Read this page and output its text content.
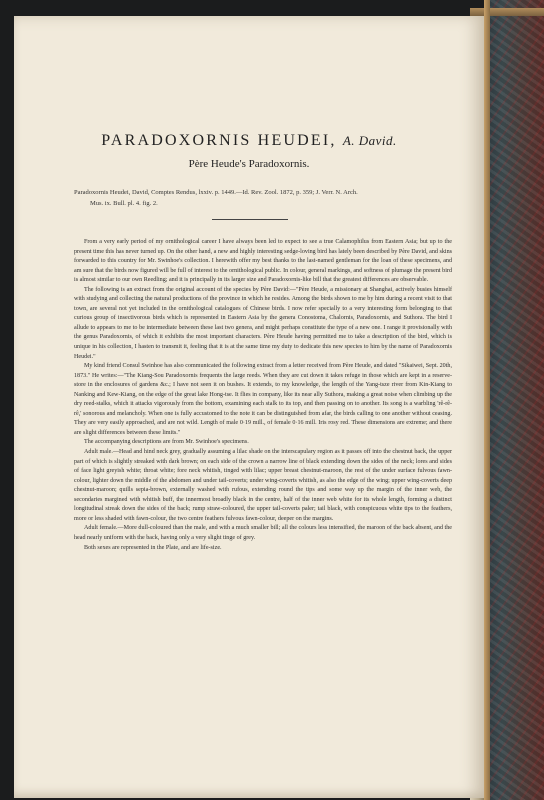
PARADOXORNIS HEUDEI, A. David.
Père Heude's Paradoxornis.
Paradoxornis Heudei, David, Comptes Rendus, lxxiv. p. 1449.—Id. Rev. Zool. 1872, p. 359; J. Verr. N. Arch.
Mus. ix. Bull. pl. 4. fig. 2.

From a very early period of my ornithological career I have always been led to expect to see a true Calamophilus from Eastern Asia; but up to the present time this has never turned up. On the other hand, a new and highly interesting sedge-loving bird has lately been described by Père David, and skins forwarded to this country for Mr. Swinhoe's collection. I herewith offer my best thanks to the last-named gentleman for the loan of these specimens, and am sure that the birds now figured will be full of interest to the ornithological public. In colour, general markings, and softness of plumage the present bird is almost similar to our own Reedling; and it is principally in its larger size and Paradoxornis-like bill that the greatest differences are observable.

The following is an extract from the original account of the species by Père David:—"Père Heude, a missionary at Shanghai, actively busies himself with studying and collecting the natural productions of the province in which he resides. Among the birds shown to me by him during a recent visit to that town, are several not yet included in the ornithological catalogues of Chinese birds. I now refer specially to a very interesting form belonging to that curious group of insectivorous birds which is represented in Eastern Asia by the genera Conostoma, Chalornis, Paradoxornis, and Suthora. The bird I allude to appears to me to be intermediate between these last two genera, and might perhaps constitute the type of a new one. I range it provisionally with the genus Paradoxornis, of which it exhibits the most important characters. Père Heude having permitted me to take a description of the bird, which is unique in his collection, I hasten to transmit it, feeling that it is at the same time my duty to dedicate this new species to him by the name of Paradoxornis Heudei."

My kind friend Consul Swinhoe has also communicated the following extract from a letter received from Père Heude, and dated "Sikaiwei, Sept. 20th, 1873." He writes:—"The Kiang-Sou Paradoxornis frequents the large reeds. When they are cut down it takes refuge in those which are kept in a reserve-store in the enclosures of gardens &c.; I have not seen it on bushes. It extends, to my knowledge, the length of the Yang-tsze river from Kin-Kiang to Nanking and Kew-Kiang, on the edge of the great lake Hong-tse. It flies in company, like its near ally Suthora, making a great noise when climbing up the dry reed-stalks, which it attacks vigorously from the bottom, examining each stalk to its top, and then passing on to another. Its song is a warbling 'rê-rê-rê,' sonorous and melancholy. When one is fully accustomed to the note it can be distinguished from afar, the birds calling to one another without ceasing. They are very easily approached, and are not wild. Length of male 0·19 mill., of female 0·16 mill. Iris rosy red. These dimensions are extreme; and there are slight differences between these limits."

The accompanying descriptions are from Mr. Swinhoe's specimens.

Adult male.—Head and hind neck grey, gradually assuming a lilac shade on the interscapulary region as it passes off into the chestnut back, the upper part of which is slightly streaked with dark brown; on each side of the crown a narrow line of black extending down the sides of the neck; lores and sides of face light greyish white; throat white; fore neck whitish, tinged with lilac; upper breast chestnut-maroon, the rest of the under surface fulvous fawn-colour, lighter down the middle of the abdomen and under tail-coverts; under wing-coverts whitish, as also the edge of the wing; upper wing-coverts deep chestnut-maroon; quills sepia-brown, externally washed with rufous, extending round the tips and some way up the margin of the inner web, the secondaries margined with whitish buff, the innermost broadly black in the centre, half of the inner web white for its whole length, forming a distinct longitudinal streak down the sides of the back; rump straw-coloured, the upper tail-coverts paler; tail black, with conspicuous white tips to the feathers, more or less shaded with fawn-colour, the two centre feathers fulvous fawn-colour, deeper on the margins.

Adult female.—More dull-coloured than the male, and with a much smaller bill; all the colours less intensified, the maroon of the back absent, and the head nearly uniform with the back, having only a very slight tinge of grey.

Both sexes are represented in the Plate, and are life-size.
